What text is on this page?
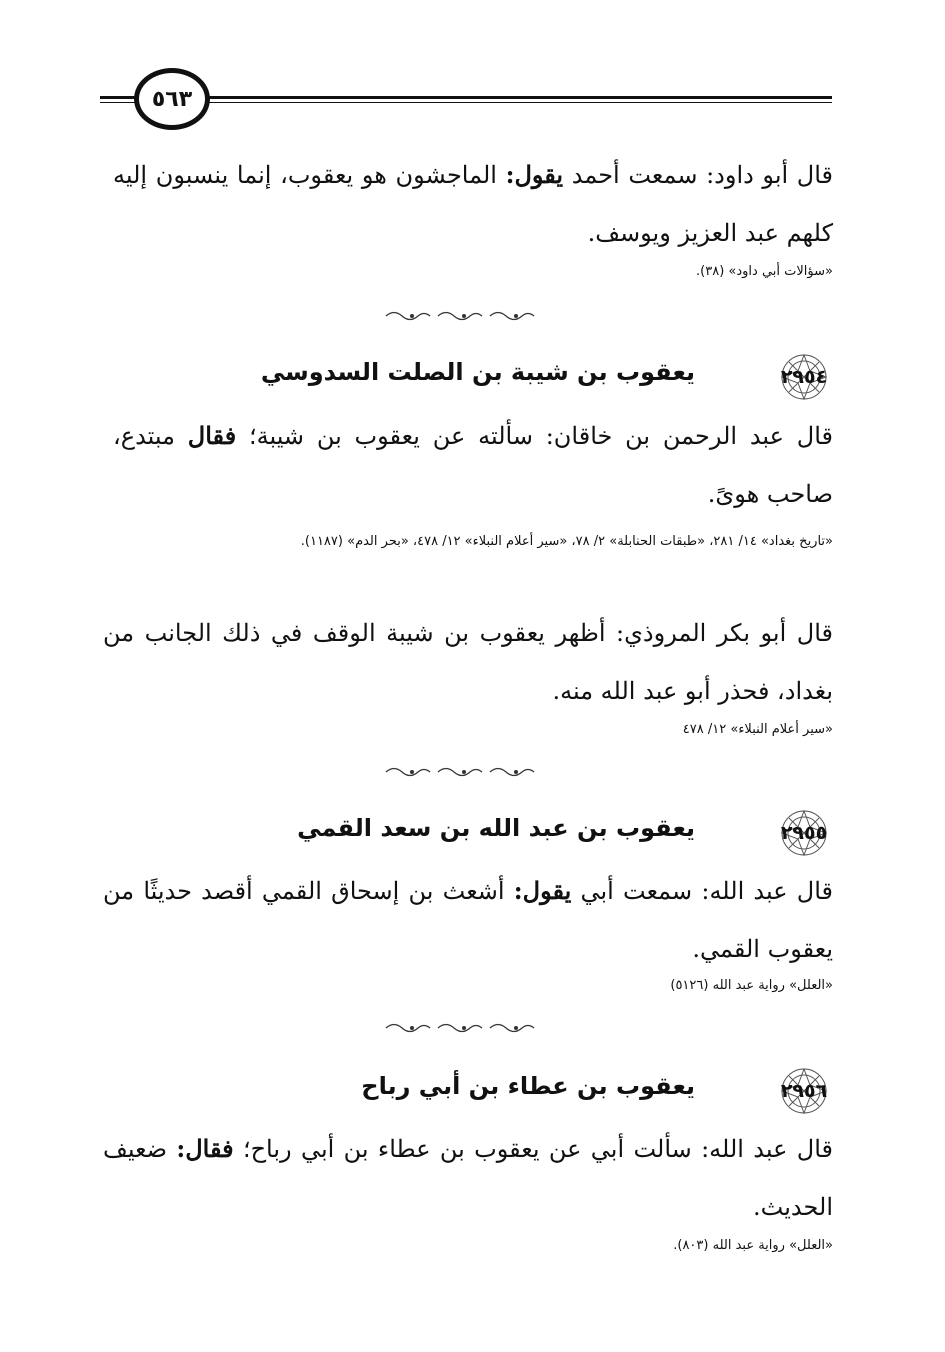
٥٦٣
قال أبو داود: سمعت أحمد يقول: الماجشون هو يعقوب، إنما ينسبون إليه كلهم عبد العزيز ويوسف.
«سؤالات أبي داود» (٣٨).
٢٩٥٤
يعقوب بن شيبة بن الصلت السدوسي
قال عبد الرحمن بن خاقان: سألته عن يعقوب بن شيبة؛ فقال مبتدع، صاحب هوىً.
«تاريخ بغداد» ١٤/ ٢٨١، «طبقات الحنابلة» ٢/ ٧٨، «سير أعلام النبلاء» ١٢/ ٤٧٨، «بحر الدم» (١١٨٧).
قال أبو بكر المروذي: أظهر يعقوب بن شيبة الوقف في ذلك الجانب من بغداد، فحذر أبو عبد الله منه.
«سير أعلام النبلاء» ١٢/ ٤٧٨
٢٩٥٥
يعقوب بن عبد الله بن سعد القمي
قال عبد الله: سمعت أبي يقول: أشعث بن إسحاق القمي أقصد حديثًا من يعقوب القمي.
«العلل» رواية عبد الله (٥١٢٦)
٢٩٥٦
يعقوب بن عطاء بن أبي رباح
قال عبد الله: سألت أبي عن يعقوب بن عطاء بن أبي رباح؛ فقال: ضعيف الحديث.
«العلل» رواية عبد الله (٨٠٣).
